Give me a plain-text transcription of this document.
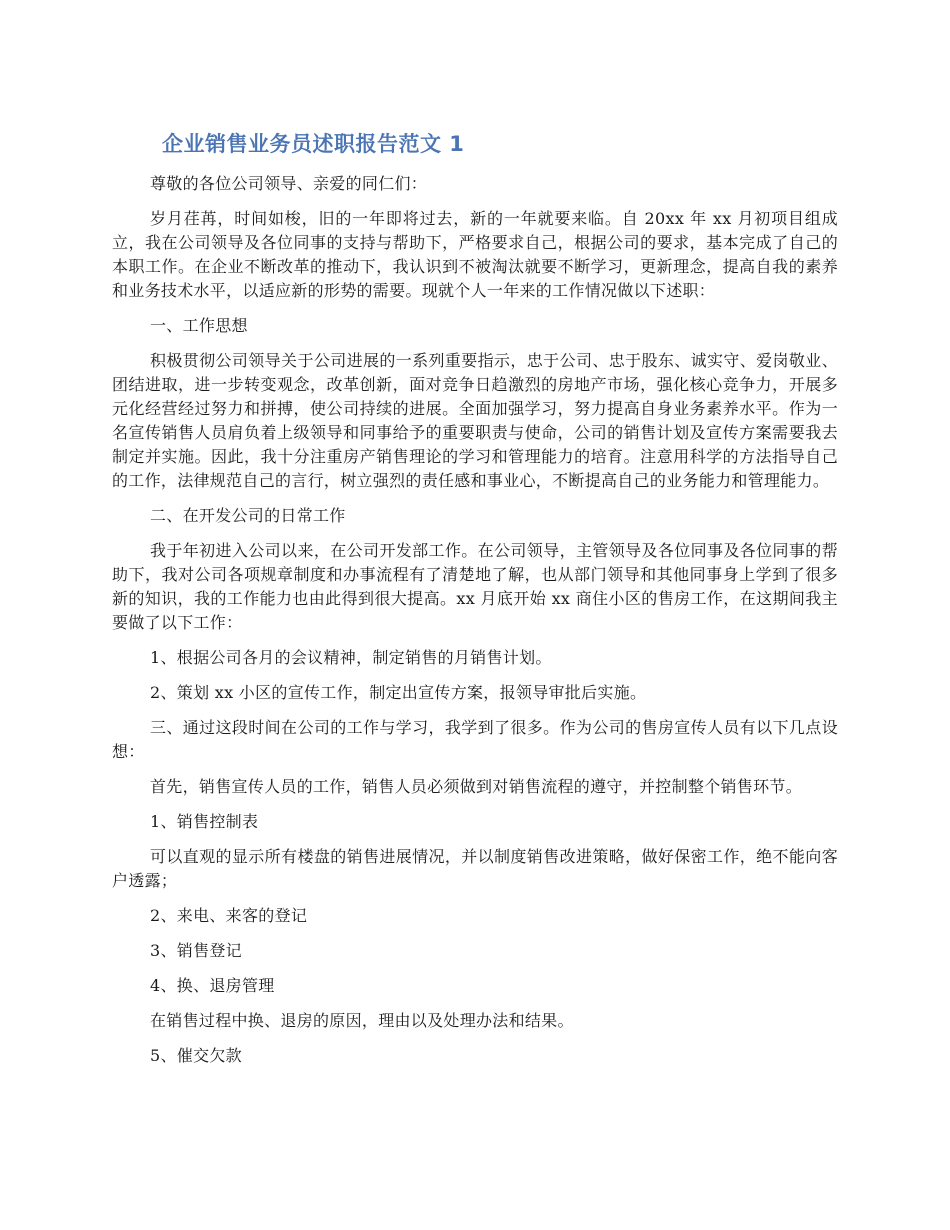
企业销售业务员述职报告范文 1

尊敬的各位公司领导、亲爱的同仁们：

岁月荏苒，时间如梭，旧的一年即将过去，新的一年就要来临。自 20xx 年 xx 月初项目组成立，我在公司领导及各位同事的支持与帮助下，严格要求自己，根据公司的要求，基本完成了自己的本职工作。在企业不断改革的推动下，我认识到不被淘汰就要不断学习，更新理念，提高自我的素养和业务技术水平，以适应新的形势的需要。现就个人一年来的工作情况做以下述职：

一、工作思想

积极贯彻公司领导关于公司进展的一系列重要指示，忠于公司、忠于股东、诚实守、爱岗敬业、团结进取，进一步转变观念，改革创新，面对竞争日趋激烈的房地产市场，强化核心竞争力，开展多元化经营经过努力和拼搏，使公司持续的进展。全面加强学习，努力提高自身业务素养水平。作为一名宣传销售人员肩负着上级领导和同事给予的重要职责与使命，公司的销售计划及宣传方案需要我去制定并实施。因此，我十分注重房产销售理论的学习和管理能力的培育。注意用科学的方法指导自己的工作，法律规范自己的言行，树立强烈的责任感和事业心，不断提高自己的业务能力和管理能力。

二、在开发公司的日常工作

我于年初进入公司以来，在公司开发部工作。在公司领导，主管领导及各位同事及各位同事的帮助下，我对公司各项规章制度和办事流程有了清楚地了解，也从部门领导和其他同事身上学到了很多新的知识，我的工作能力也由此得到很大提高。xx 月底开始 xx 商住小区的售房工作，在这期间我主要做了以下工作：

1、根据公司各月的会议精神，制定销售的月销售计划。

2、策划 xx 小区的宣传工作，制定出宣传方案，报领导审批后实施。

三、通过这段时间在公司的工作与学习，我学到了很多。作为公司的售房宣传人员有以下几点设想：

首先，销售宣传人员的工作，销售人员必须做到对销售流程的遵守，并控制整个销售环节。

1、销售控制表

可以直观的显示所有楼盘的销售进展情况，并以制度销售改进策略，做好保密工作，绝不能向客户透露；

2、来电、来客的登记

3、销售登记

4、换、退房管理

在销售过程中换、退房的原因，理由以及处理办法和结果。

5、催交欠款
